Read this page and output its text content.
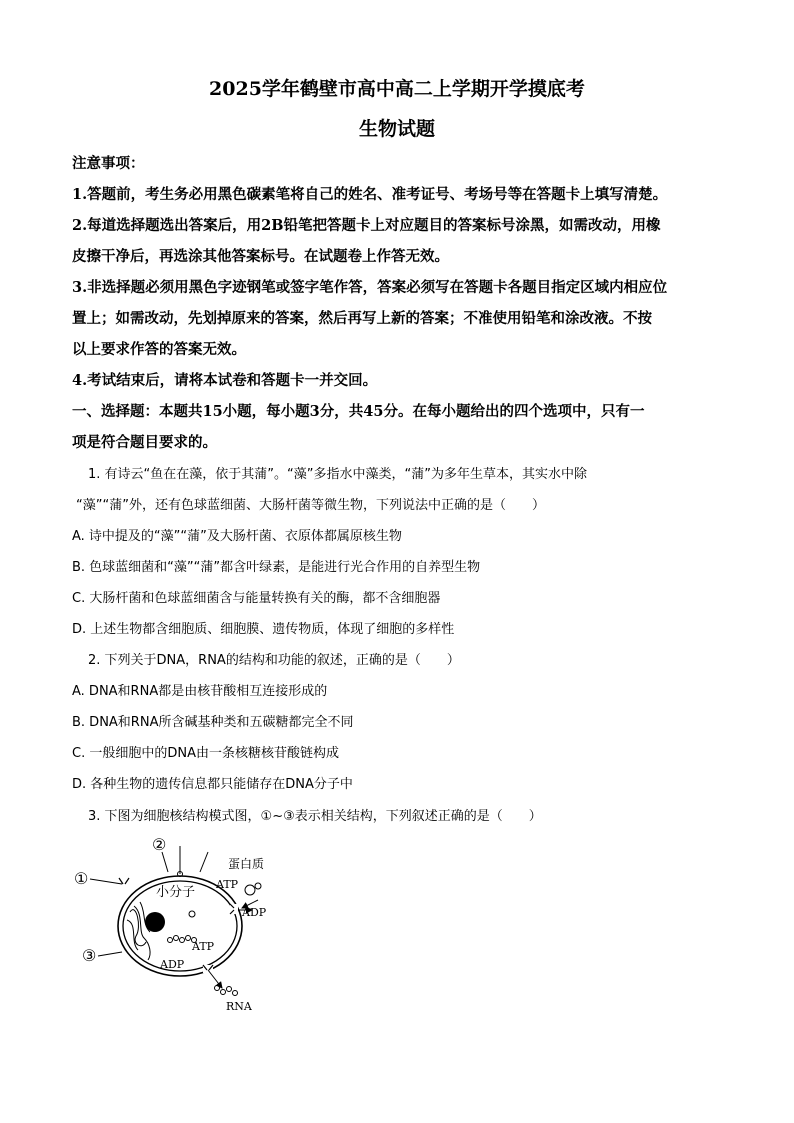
2025学年鹤壁市高中高二上学期开学摸底考
生物试题
注意事项：
1.答题前，考生务必用黑色碳素笔将自己的姓名、准考证号、考场号等在答题卡上填写清楚。
2.每道选择题选出答案后，用2B铅笔把答题卡上对应题目的答案标号涂黑，如需改动，用橡
皮擦干净后，再选涂其他答案标号。在试题卷上作答无效。
3.非选择题必须用黑色字迹钢笔或签字笔作答，答案必须写在答题卡各题目指定区域内相应位
置上；如需改动，先划掉原来的答案，然后再写上新的答案；不准使用铅笔和涂改液。不按
以上要求作答的答案无效。
4.考试结束后，请将本试卷和答题卡一并交回。
一、选择题：本题共15小题，每小题3分，共45分。在每小题给出的四个选项中，只有一
项是符合题目要求的。
1. 有诗云“鱼在在藻，依于其蒲”。“藻”多指水中藻类，“蒲”为多年生草本，其实水中除
“藻”“蒲”外，还有色球蓝细菌、大肠杆菌等微生物，下列说法中正确的是（　　）
A. 诗中提及的“藻”“蒲”及大肠杆菌、衣原体都属原核生物
B. 色球蓝细菌和“藻”“蒲”都含叶绿素，是能进行光合作用的自养型生物
C. 大肠杆菌和色球蓝细菌含与能量转换有关的酶，都不含细胞器
D. 上述生物都含细胞质、细胞膜、遗传物质，体现了细胞的多样性
2. 下列关于DNA，RNA的结构和功能的叙述，正确的是（　　）
A. DNA和RNA都是由核苷酸相互连接形成的
B. DNA和RNA所含碱基种类和五碳糖都完全不同
C. 一般细胞中的DNA由一条核糖核苷酸链构成
D. 各种生物的遗传信息都只能储存在DNA分子中
3. 下图为细胞核结构模式图，①~③表示相关结构，下列叙述正确的是（　　）
②
①
③
小分子
蛋白质
ATP
ADP
ATP
ADP
RNA
